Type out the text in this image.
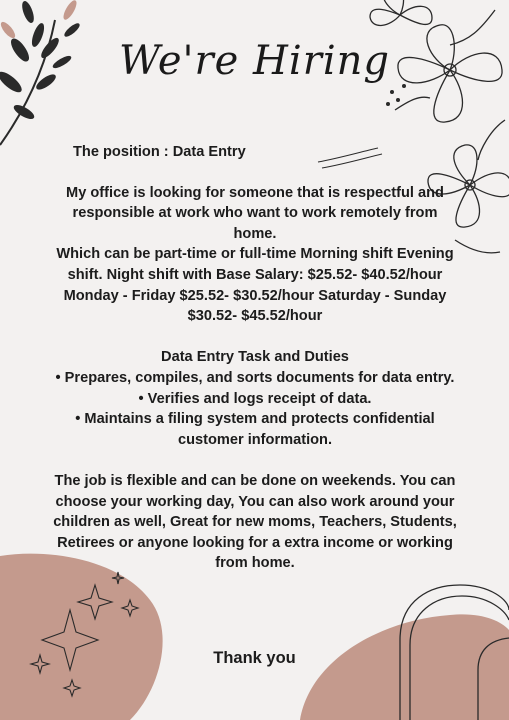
We're Hiring
The position : Data Entry

My office is looking for someone that is respectful and responsible at work who want to work remotely from home.

Which can be part-time or full-time Morning shift Evening shift. Night shift with Base Salary: $25.52- $40.52/hour Monday - Friday $25.52- $30.52/hour Saturday - Sunday $30.52- $45.52/hour

Data Entry Task and Duties

• Prepares, compiles, and sorts documents for data entry.

• Verifies and logs receipt of data.

• Maintains a filing system and protects confidential customer information.

The job is flexible and can be done on weekends. You can choose your working day, You can also work around your children as well, Great for new moms, Teachers, Students, Retirees or anyone looking for a extra income or working from home.

Thank you
